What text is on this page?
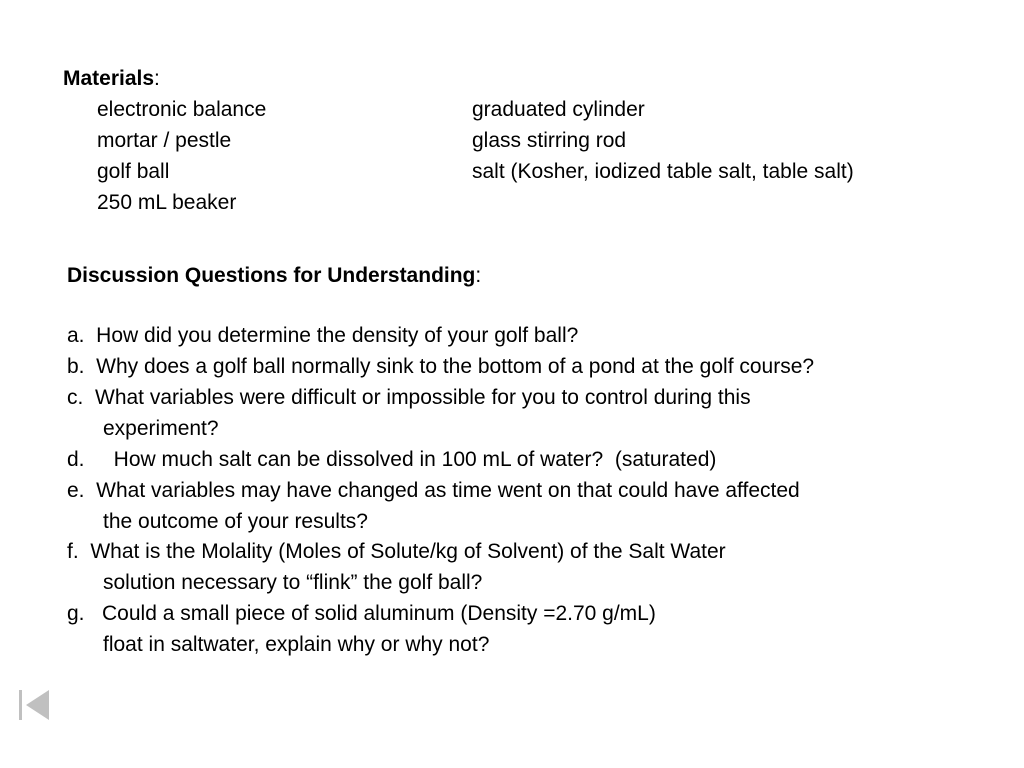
Materials:
electronic balance
mortar / pestle
golf ball
250 mL beaker
graduated cylinder
glass stirring rod
salt (Kosher, iodized table salt, table salt)
Discussion Questions for Understanding:
a.  How did you determine the density of your golf ball?
b.  Why does a golf ball normally sink to the bottom of a pond at the golf course?
c.  What variables were difficult or impossible for you to control during this
experiment?
d.     How much salt can be dissolved in 100 mL of water?  (saturated)
e.  What variables may have changed as time went on that could have affected
the outcome of your results?
f.  What is the Molality (Moles of Solute/kg of Solvent) of the Salt Water
solution necessary to “flink” the golf ball?
g.   Could a small piece of solid aluminum (Density =2.70 g/mL)
float in saltwater, explain why or why not?
